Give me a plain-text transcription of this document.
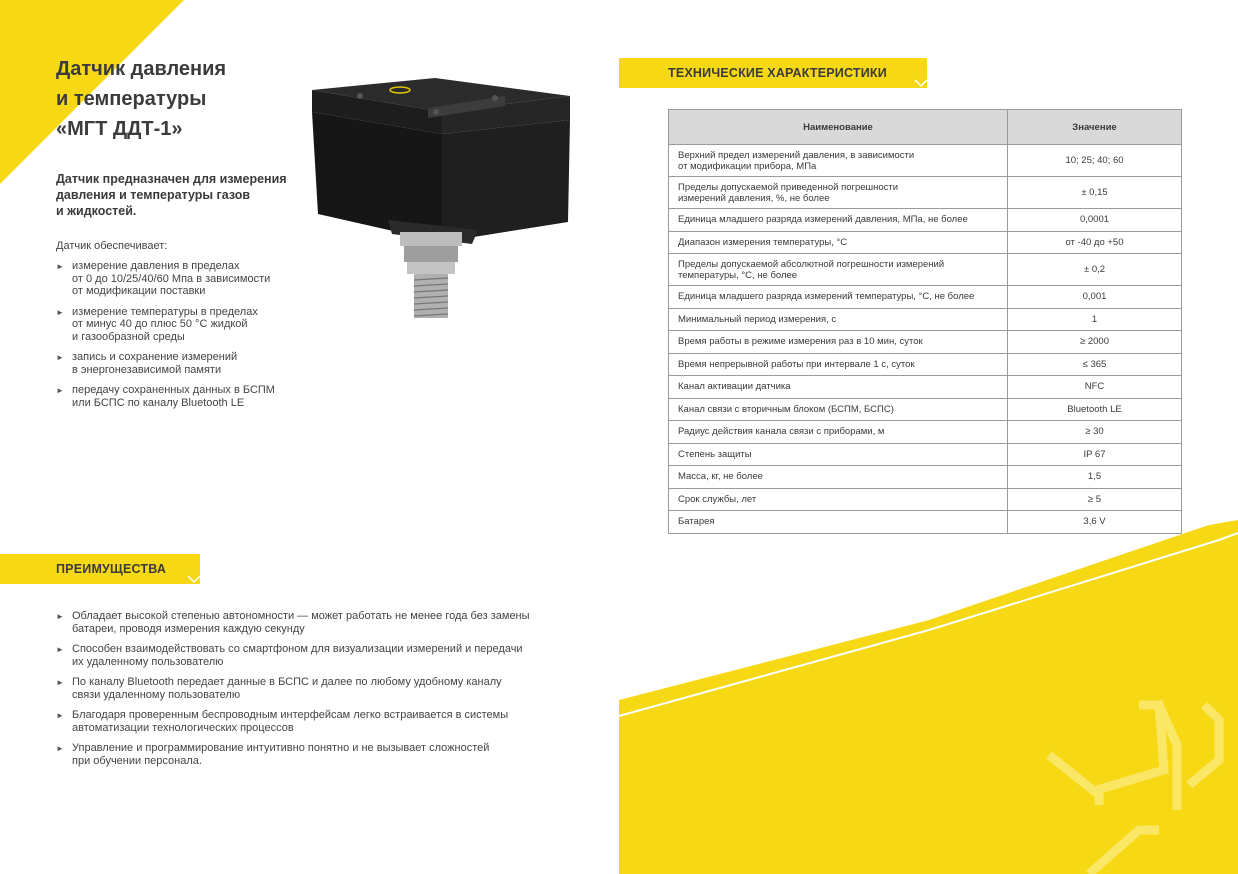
Датчик давления
и температуры
«МГТ ДДТ-1»
Датчик предназначен для измерения
давления и температуры газов
и жидкостей.
Датчик обеспечивает:
► измерение давления в пределах
от 0 до 10/25/40/60 Мпа в зависимости
от модификации поставки
► измерение температуры в пределах
от минус 40 до плюс 50 °С жидкой
и газообразной среды
► запись и сохранение измерений
в энергонезависимой памяти
► передачу сохраненных данных в БСПМ
или БСПС по каналу Bluetooth LE
ПРЕИМУЩЕСТВА
► Обладает высокой степенью автономности — может работать не менее года без замены
батареи, проводя измерения каждую секунду
► Способен взаимодействовать со смартфоном для визуализации измерений и передачи
их удаленному пользователю
► По каналу Bluetooth передает данные в БСПС и далее по любому удобному каналу
связи удаленному пользователю
► Благодаря проверенным беспроводным интерфейсам легко встраивается в системы
автоматизации технологических процессов
► Управление и программирование интуитивно понятно и не вызывает сложностей
при обучении персонала.
ТЕХНИЧЕСКИЕ ХАРАКТЕРИСТИКИ
Наименование	Значение
Верхний предел измерений давления, в зависимости
от модификации прибора, МПа	10; 25; 40; 60
Пределы допускаемой приведенной погрешности
измерений давления, %, не более	± 0,15
Единица младшего разряда измерений давления, МПа, не более	0,0001
Диапазон измерения температуры, °С	от -40 до +50
Пределы допускаемой абсолютной погрешности измерений
температуры, °С, не более	± 0,2
Единица младшего разряда измерений температуры, °С, не более	0,001
Минимальный период измерения, с	1
Время работы в режиме измерения раз в 10 мин, суток	≥ 2000
Время непрерывной работы при интервале 1 с, суток	≤ 365
Канал активации датчика	NFC
Канал связи с вторичным блоком (БСПМ, БСПС)	Bluetooth LE
Радиус действия канала связи с приборами, м	≥ 30
Степень защиты	IP 67
Масса, кг, не более	1,5
Срок службы, лет	≥ 5
Батарея	3,6 V
